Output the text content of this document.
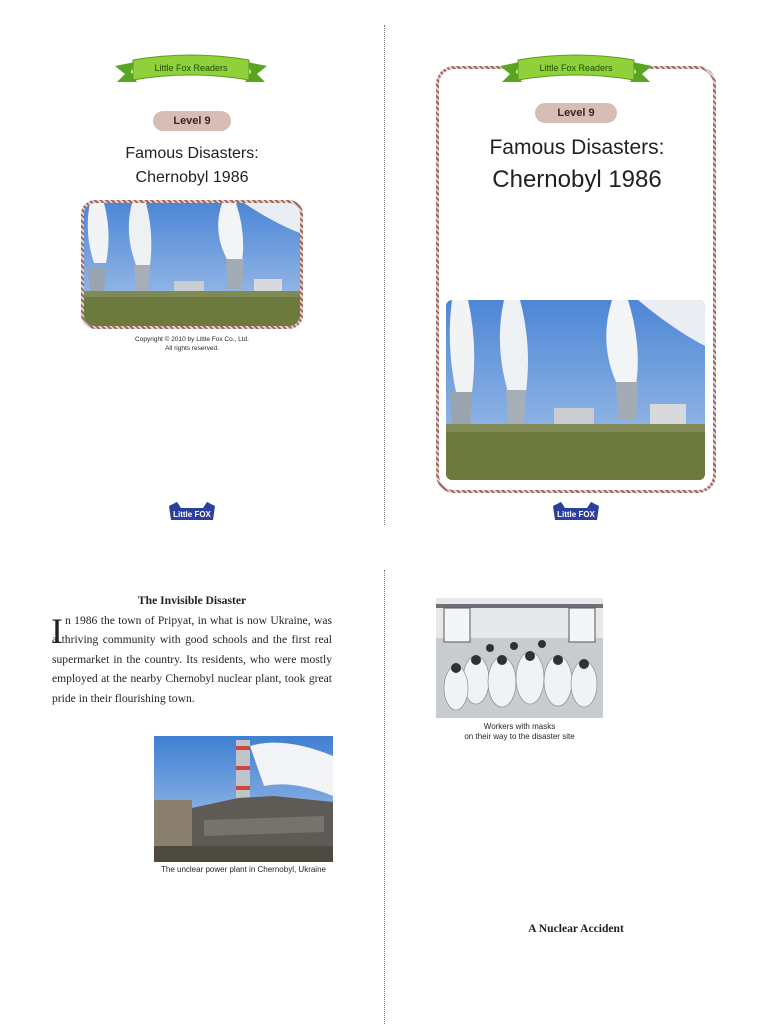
Little Fox Readers
Level 9
Famous Disasters:
Chernobyl 1986
Copyright © 2010 by Little Fox Co., Ltd.
All rights reserved.
Little FOX
Little Fox Readers
Level 9
Famous Disasters:
Chernobyl 1986
Little FOX
The Invisible Disaster
I n 1986 the town of Pripyat, in what is now Ukraine, was
a thriving community with good schools and the first real
supermarket in the country. Its residents, who were mostly
employed at the nearby Chernobyl nuclear plant, took great
pride in their flourishing town.
The unclear power plant in Chernobyl, Ukraine
Workers with masks
on their way to the disaster site
A Nuclear Accident
